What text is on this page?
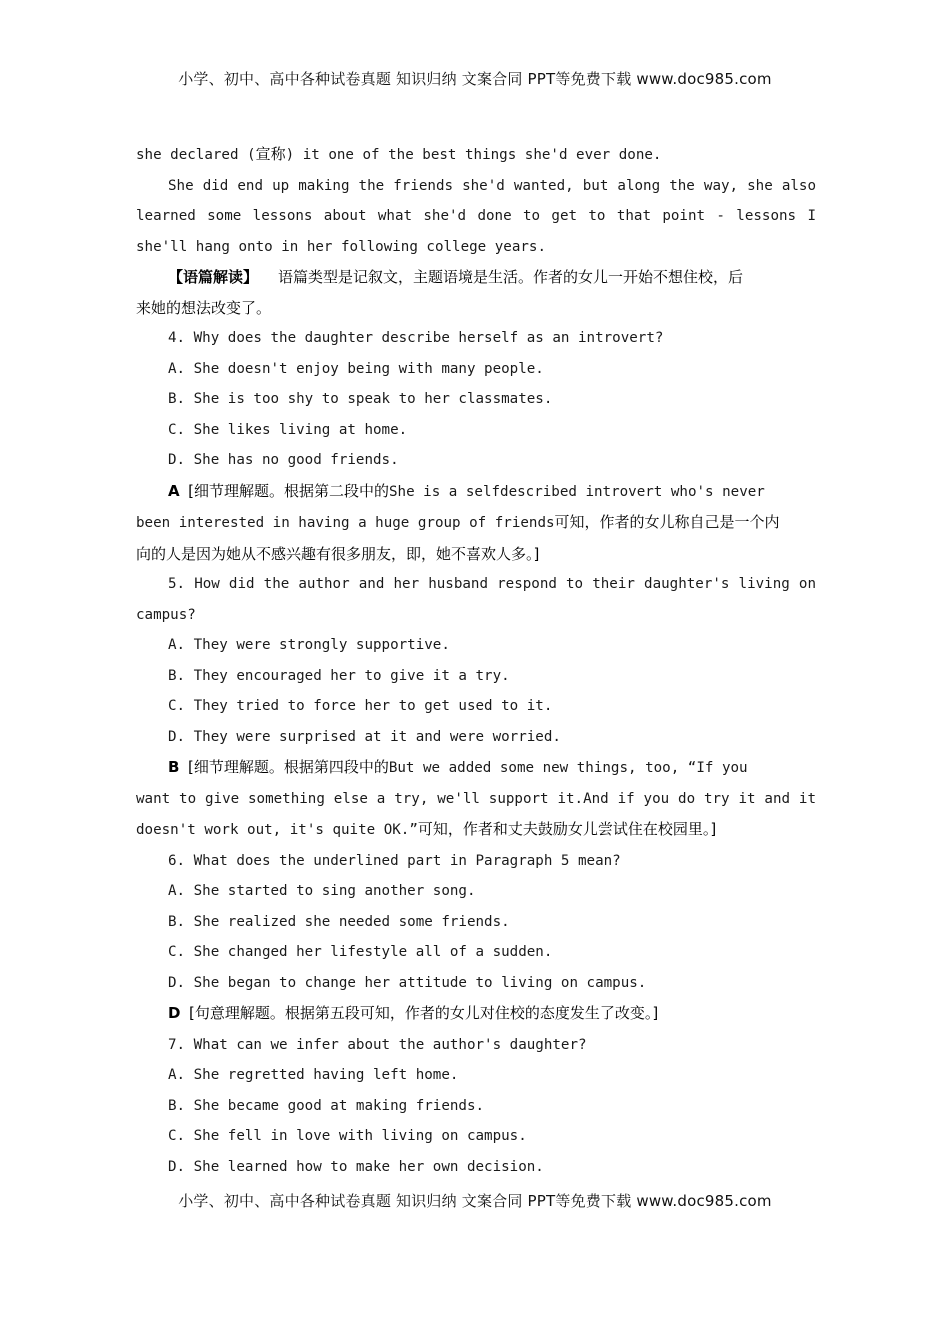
小学、初中、高中各种试卷真题 知识归纳 文案合同 PPT等免费下载 www.doc985.com
she declared (宣称) it one of the best things she'd ever done.
She did end up making the friends she'd wanted, but along the way, she also
learned some lessons about what she'd done to get to that point - lessons I
she'll hang onto in her following college years.
【语篇解读】 语篇类型是记叙文，主题语境是生活。作者的女儿一开始不想住校，后
来她的想法改变了。
4. Why does the daughter describe herself as an introvert?
A. She doesn't enjoy being with many people.
B. She is too shy to speak to her classmates.
C. She likes living at home.
D. She has no good friends.
A [细节理解题。根据第二段中的She is a selfdescribed introvert who's never
been interested in having a huge group of friends可知，作者的女儿称自己是一个内
向的人是因为她从不感兴趣有很多朋友，即，她不喜欢人多。]
5. How did the author and her husband respond to their daughter's living on
campus?
A. They were strongly supportive.
B. They encouraged her to give it a try.
C. They tried to force her to get used to it.
D. They were surprised at it and were worried.
B [细节理解题。根据第四段中的But we added some new things, too, “If you
want to give something else a try, we'll support it.And if you do try it and it
doesn't work out, it's quite OK.”可知，作者和丈夫鼓励女儿尝试住在校园里。]
6. What does the underlined part in Paragraph 5 mean?
A. She started to sing another song.
B. She realized she needed some friends.
C. She changed her lifestyle all of a sudden.
D. She began to change her attitude to living on campus.
D [句意理解题。根据第五段可知，作者的女儿对住校的态度发生了改变。]
7. What can we infer about the author's daughter?
A. She regretted having left home.
B. She became good at making friends.
C. She fell in love with living on campus.
D. She learned how to make her own decision.
小学、初中、高中各种试卷真题 知识归纳 文案合同 PPT等免费下载 www.doc985.com
